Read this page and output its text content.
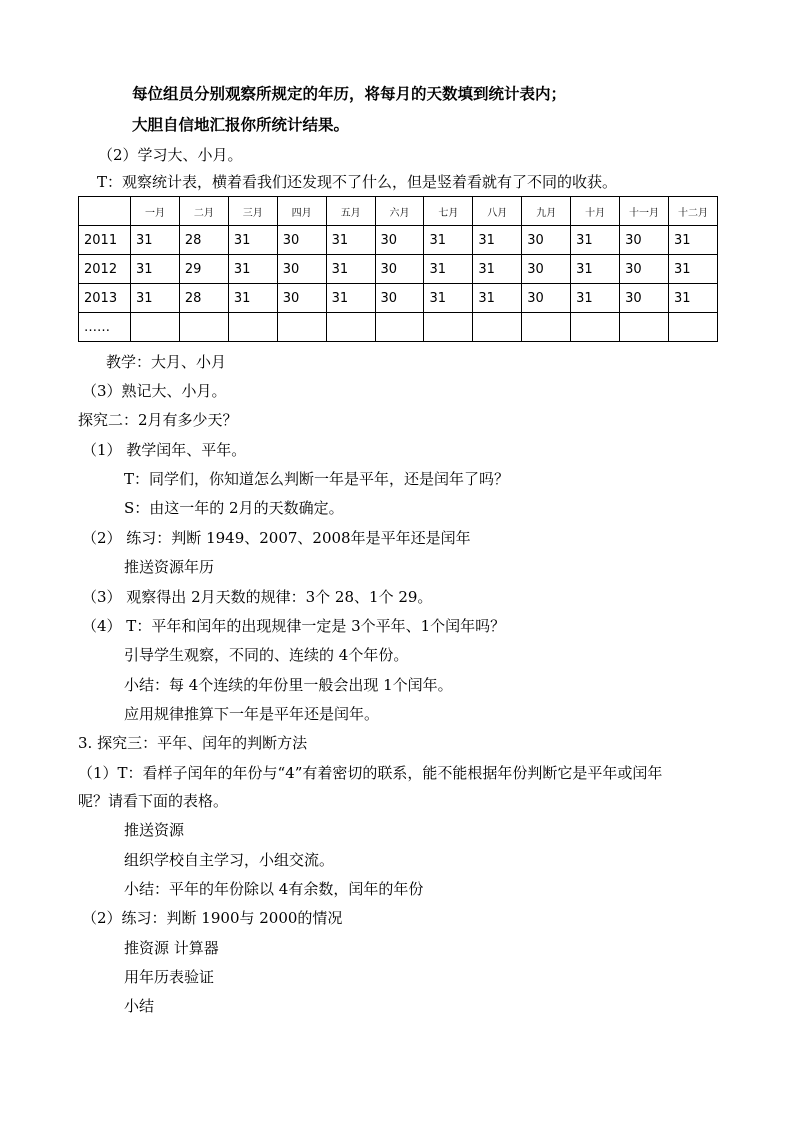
每位组员分别观察所规定的年历，将每月的天数填到统计表内；
大胆自信地汇报你所统计结果。
（2）学习大、小月。
T：观察统计表，横着看我们还发现不了什么，但是竖着看就有了不同的收获。
	一月	二月	三月	四月	五月	六月	七月	八月	九月	十月	十一月	十二月
2011	31	28	31	30	31	30	31	31	30	31	30	31
2012	31	29	31	30	31	30	31	31	30	31	30	31
2013	31	28	31	30	31	30	31	31	30	31	30	31
……												
教学：大月、小月
（3）熟记大、小月。
探究二：2月有多少天？
（1） 教学闰年、平年。
T：同学们，你知道怎么判断一年是平年，还是闰年了吗？
S：由这一年的 2月的天数确定。
（2） 练习：判断 1949、2007、2008年是平年还是闰年
推送资源年历
（3） 观察得出 2月天数的规律：3个 28、1个 29。
（4） T：平年和闰年的出现规律一定是 3个平年、1个闰年吗？
引导学生观察，不同的、连续的 4个年份。
小结：每 4个连续的年份里一般会出现 1个闰年。
应用规律推算下一年是平年还是闰年。
3. 探究三：平年、闰年的判断方法
（1）T：看样子闰年的年份与“4”有着密切的联系，能不能根据年份判断它是平年或闰年
呢？请看下面的表格。
推送资源
组织学校自主学习，小组交流。
小结：平年的年份除以 4有余数，闰年的年份
（2）练习：判断 1900与 2000的情况
推资源 计算器
用年历表验证
小结
